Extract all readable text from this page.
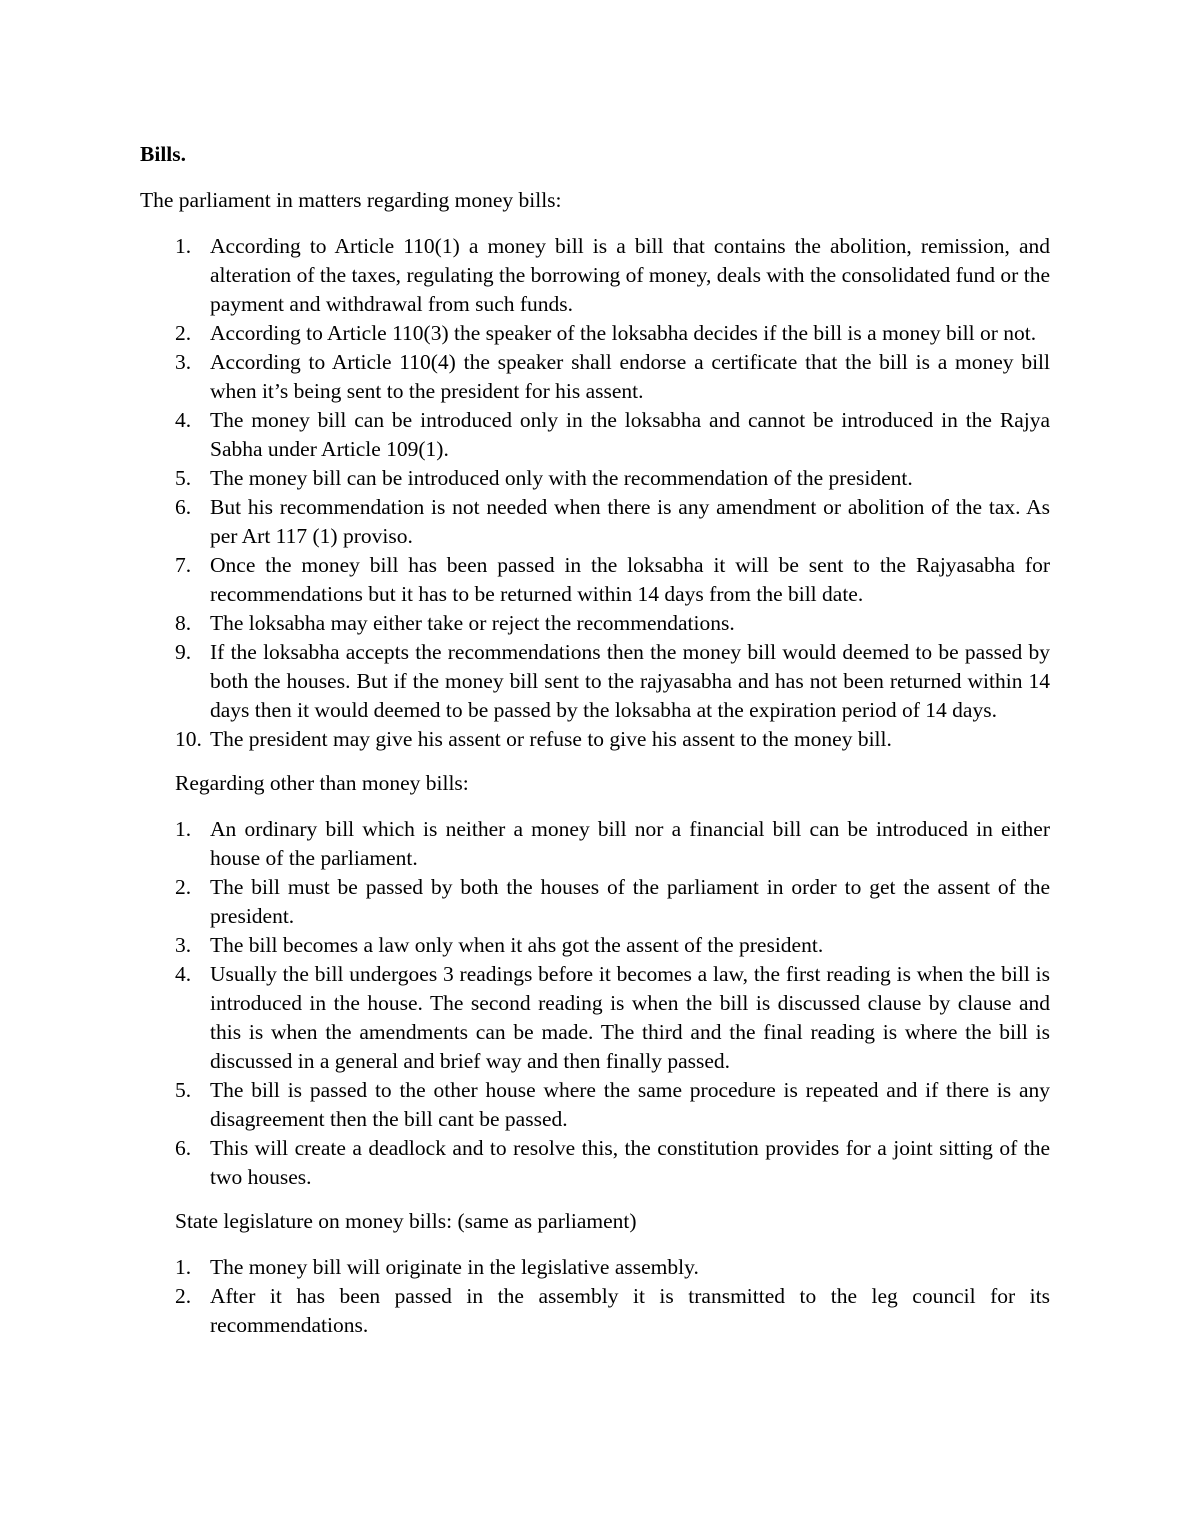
Bills.
The parliament in matters regarding money bills:
1. According to Article 110(1) a money bill is a bill that contains the abolition, remission, and alteration of the taxes, regulating the borrowing of money, deals with the consolidated fund or the payment and withdrawal from such funds.
2. According to Article 110(3) the speaker of the loksabha decides if the bill is a money bill or not.
3. According to Article 110(4) the speaker shall endorse a certificate that the bill is a money bill when it’s being sent to the president for his assent.
4. The money bill can be introduced only in the loksabha and cannot be introduced in the Rajya Sabha under Article 109(1).
5. The money bill can be introduced only with the recommendation of the president.
6. But his recommendation is not needed when there is any amendment or abolition of the tax. As per Art 117 (1) proviso.
7. Once the money bill has been passed in the loksabha it will be sent to the Rajyasabha for recommendations but it has to be returned within 14 days from the bill date.
8. The loksabha may either take or reject the recommendations.
9. If the loksabha accepts the recommendations then the money bill would deemed to be passed by both the houses. But if the money bill sent to the rajyasabha and has not been returned within 14 days then it would deemed to be passed by the loksabha at the expiration period of 14 days.
10. The president may give his assent or refuse to give his assent to the money bill.
Regarding other than money bills:
1. An ordinary bill which is neither a money bill nor a financial bill can be introduced in either house of the parliament.
2. The bill must be passed by both the houses of the parliament in order to get the assent of the president.
3. The bill becomes a law only when it ahs got the assent of the president.
4. Usually the bill undergoes 3 readings before it becomes a law, the first reading is when the bill is introduced in the house. The second reading is when the bill is discussed clause by clause and this is when the amendments can be made. The third and the final reading is where the bill is discussed in a general and brief way and then finally passed.
5. The bill is passed to the other house where the same procedure is repeated and if there is any disagreement then the bill cant be passed.
6. This will create a deadlock and to resolve this, the constitution provides for a joint sitting of the two houses.
State legislature on money bills: (same as parliament)
1. The money bill will originate in the legislative assembly.
2. After it has been passed in the assembly it is transmitted to the leg council for its recommendations.
